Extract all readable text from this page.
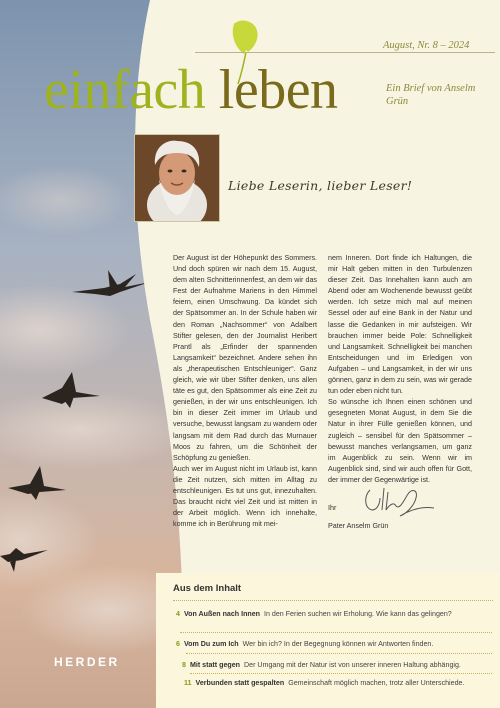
August, Nr. 8 – 2024
einfach leben	Ein Brief von Anselm Grün
Liebe Leserin, lieber Leser!

Der August ist der Höhepunkt des Sommers. Und doch spüren wir nach dem 15. August, dem alten Schnitterinnenfest, an dem wir das Fest der Aufnahme Mariens in den Himmel feiern, einen Umschwung. Da kündet sich der Spätsommer an. In der Schule haben wir den Roman „Nachsommer“ von Adalbert Stifter gelesen, den der Journalist Heribert Prantl als „Erfinder der spannenden Langsamkeit“ bezeichnet. Andere sehen ihn als „therapeutischen Entschleuniger“. Ganz gleich, wie wir über Stifter denken, uns allen täte es gut, den Spätsommer als eine Zeit zu genießen, in der wir uns entschleunigen. Ich bin in dieser Zeit immer im Urlaub und versuche, bewusst langsam zu wandern oder langsam mit dem Rad durch das Murnauer Moos zu fahren, um die Schönheit der Schöpfung zu genießen.

Auch wer im August nicht im Urlaub ist, kann die Zeit nutzen, sich mitten im Alltag zu entschleunigen. Es tut uns gut, innezuhalten. Das braucht nicht viel Zeit und ist mitten in der Arbeit möglich. Wenn ich innehalte, komme ich in Berührung mit mei-

nem Inneren. Dort finde ich Haltungen, die mir Halt geben mitten in den Turbulenzen dieser Zeit. Das Innehalten kann auch am Abend oder am Wochenende bewusst geübt werden. Ich setze mich mal auf meinen Sessel oder auf eine Bank in der Natur und lasse die Gedanken in mir aufsteigen. Wir brauchen immer beide Pole: Schnelligkeit und Langsamkeit. Schnelligkeit bei manchen Entscheidungen und im Erledigen von Aufgaben – und Langsamkeit, in der wir uns gönnen, ganz in dem zu sein, was wir gerade tun oder eben nicht tun.

So wünsche ich Ihnen einen schönen und gesegneten Monat August, in dem Sie die Natur in ihrer Fülle genießen können, und zugleich – sensibel für den Spätsommer – bewusst manches verlangsamen, um ganz im Augenblick zu sein. Wenn wir im Augenblick sind, sind wir auch offen für Gott, der immer der Gegenwärtige ist.

Ihr
Pater Anselm Grün
Aus dem Inhalt
4 Von Außen nach Innen In den Ferien suchen wir Erholung. Wie kann das gelingen?
6 Vom Du zum Ich Wer bin ich? In der Begegnung können wir Antworten finden.
8 Mit statt gegen Der Umgang mit der Natur ist von unserer inneren Haltung abhängig.
11 Verbunden statt gespalten Gemeinschaft möglich machen, trotz aller Unterschiede.
HERDER
